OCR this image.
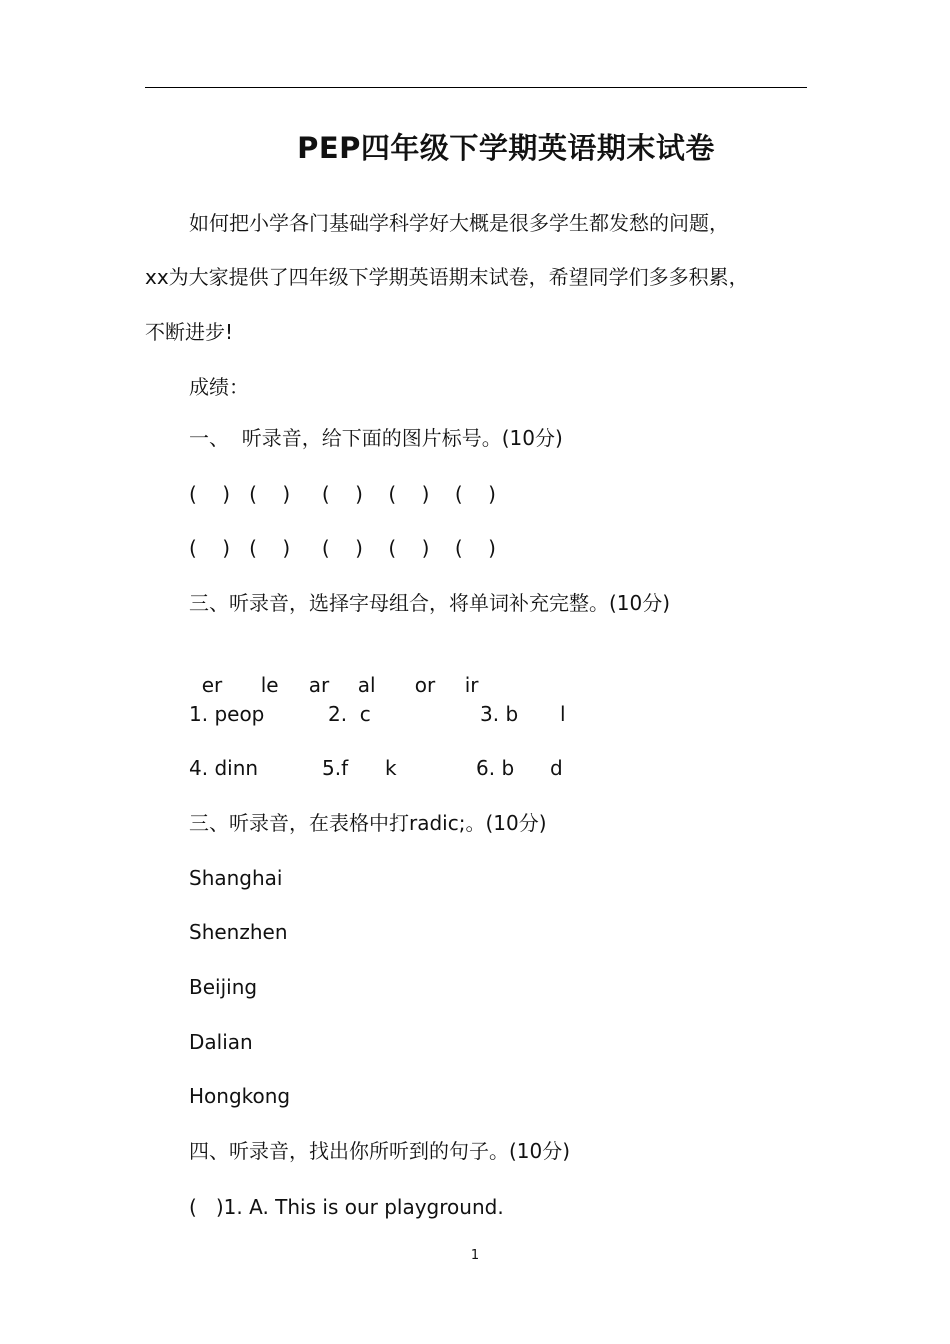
PEP四年级下学期英语期末试卷
如何把小学各门基础学科学好大概是很多学生都发愁的问题，
xx为大家提供了四年级下学期英语期末试卷，希望同学们多多积累，
不断进步!
成绩：
一、  听录音，给下面的图片标号。(10分)
(    )   (    )     (    )    (    )    (    )
(    )   (    )     (    )    (    )    (    )
三、听录音，选择字母组合，将单词补充完整。(10分)

er le ar al or ir

1. peop	2.  c	3. b l
4. dinn	5.f k	6. b d
三、听录音，在表格中打radic;。(10分)
Shanghai
Shenzhen
Beijing
Dalian
Hongkong
四、听录音，找出你所听到的句子。(10分)
(   )1. A. This is our playground.
1
